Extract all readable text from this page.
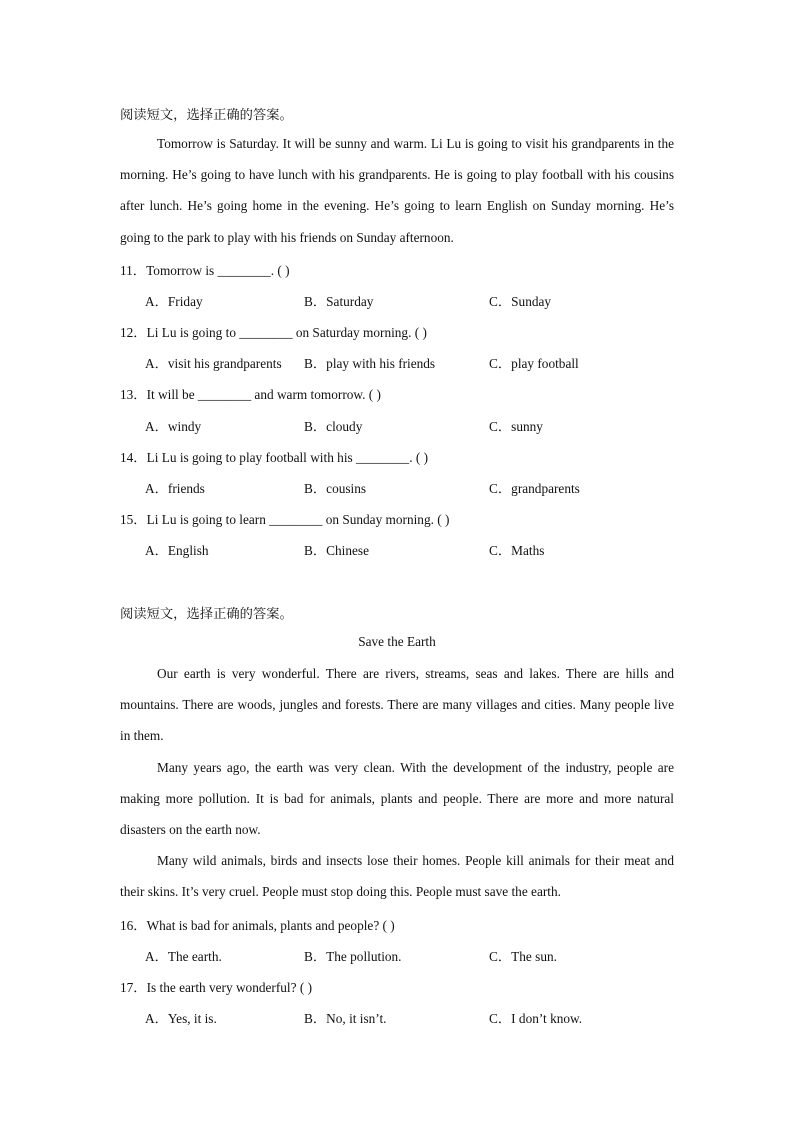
阅读短文，选择正确的答案。
Tomorrow is Saturday. It will be sunny and warm. Li Lu is going to visit his grandparents in the morning. He’s going to have lunch with his grandparents. He is going to play football with his cousins after lunch. He’s going home in the evening. He’s going to learn English on Sunday morning. He’s going to the park to play with his friends on Sunday afternoon.
11．Tomorrow is ________. ( )
A．Friday	B．Saturday	C．Sunday
12．Li Lu is going to ________ on Saturday morning. ( )
A．visit his grandparents B．play with his friends	C．play football
13．It will be ________ and warm tomorrow. ( )
A．windy	B．cloudy	C．sunny
14．Li Lu is going to play football with his ________. ( )
A．friends	B．cousins	C．grandparents
15．Li Lu is going to learn ________ on Sunday morning. ( )
A．English	B．Chinese	C．Maths
阅读短文，选择正确的答案。
Save the Earth
Our earth is very wonderful. There are rivers, streams, seas and lakes. There are hills and mountains. There are woods, jungles and forests. There are many villages and cities. Many people live in them.
Many years ago, the earth was very clean. With the development of the industry, people are making more pollution. It is bad for animals, plants and people. There are more and more natural disasters on the earth now.
Many wild animals, birds and insects lose their homes. People kill animals for their meat and their skins. It’s very cruel. People must stop doing this. People must save the earth.
16．What is bad for animals, plants and people? ( )
A．The earth.	B．The pollution.	C．The sun.
17．Is the earth very wonderful? ( )
A．Yes, it is.	B．No, it isn’t.	C．I don’t know.
